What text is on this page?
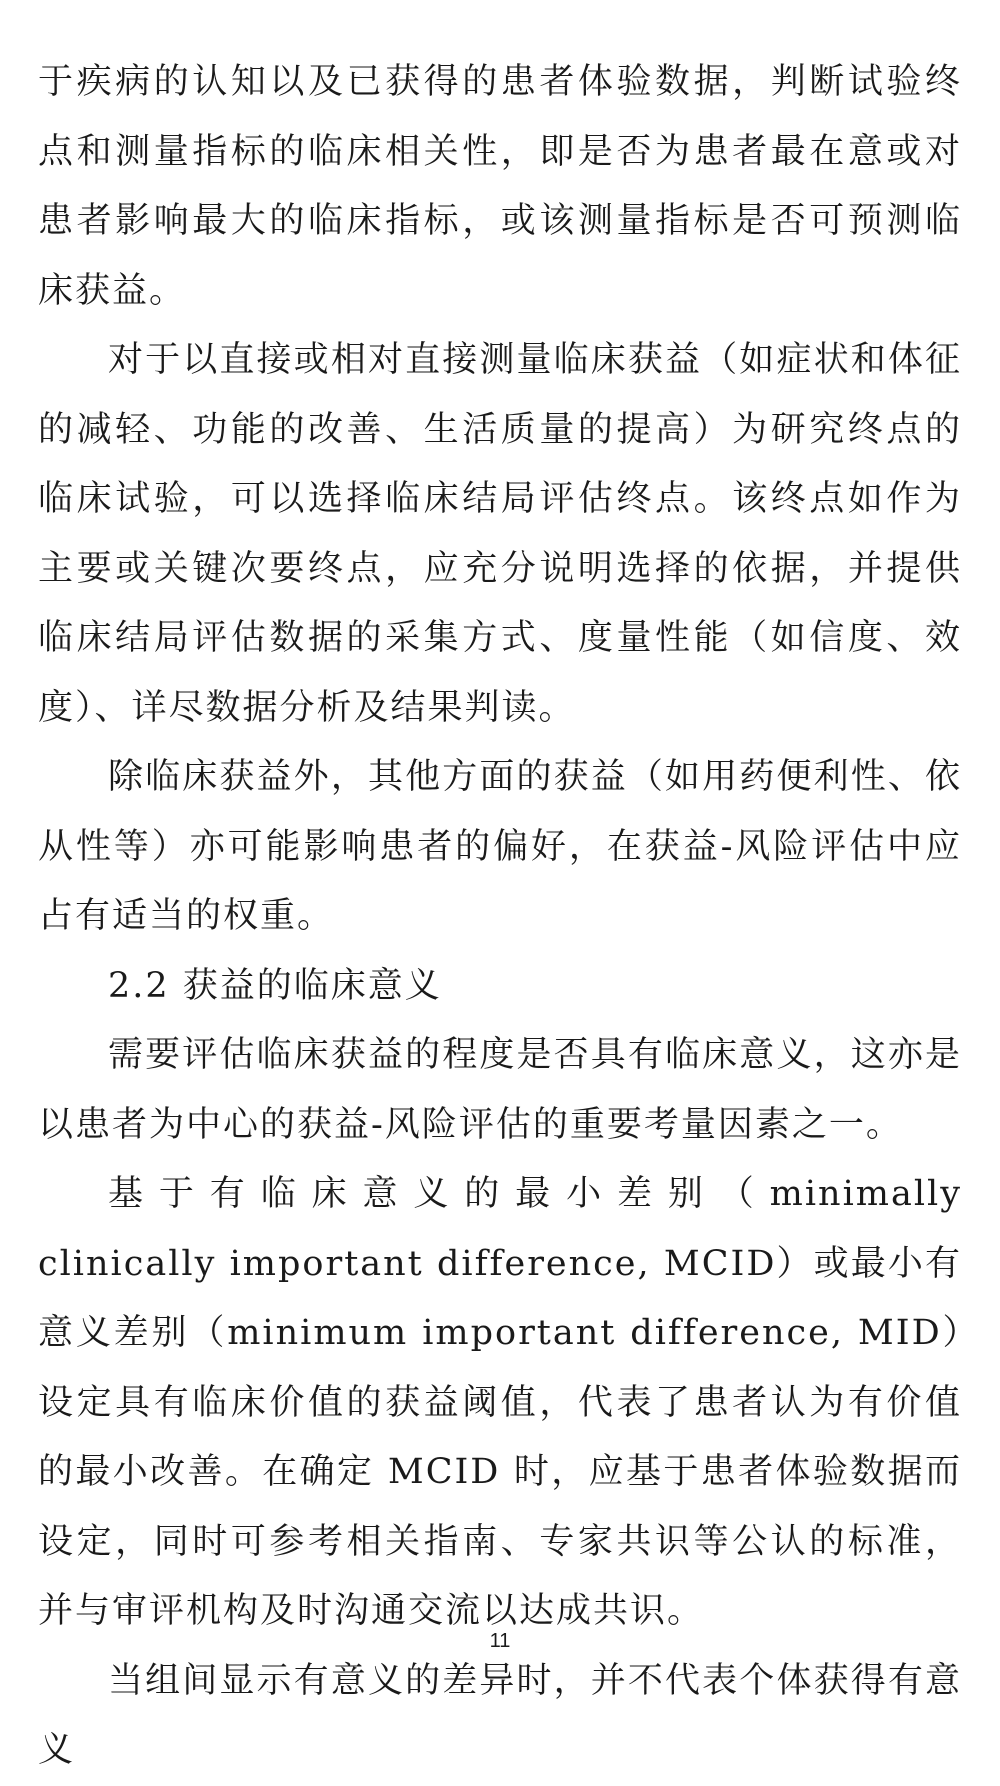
于疾病的认知以及已获得的患者体验数据，判断试验终点和测量指标的临床相关性，即是否为患者最在意或对患者影响最大的临床指标，或该测量指标是否可预测临床获益。

对于以直接或相对直接测量临床获益（如症状和体征的减轻、功能的改善、生活质量的提高）为研究终点的临床试验，可以选择临床结局评估终点。该终点如作为主要或关键次要终点，应充分说明选择的依据，并提供临床结局评估数据的采集方式、度量性能（如信度、效度）、详尽数据分析及结果判读。

除临床获益外，其他方面的获益（如用药便利性、依从性等）亦可能影响患者的偏好，在获益-风险评估中应占有适当的权重。

2.2 获益的临床意义

需要评估临床获益的程度是否具有临床意义，这亦是以患者为中心的获益-风险评估的重要考量因素之一。

基于有临床意义的最小差别（minimally clinically important difference, MCID）或最小有意义差别（minimum important difference, MID）设定具有临床价值的获益阈值，代表了患者认为有价值的最小改善。在确定 MCID 时，应基于患者体验数据而设定，同时可参考相关指南、专家共识等公认的标准，并与审评机构及时沟通交流以达成共识。

当组间显示有意义的差异时，并不代表个体获得有意义

11
